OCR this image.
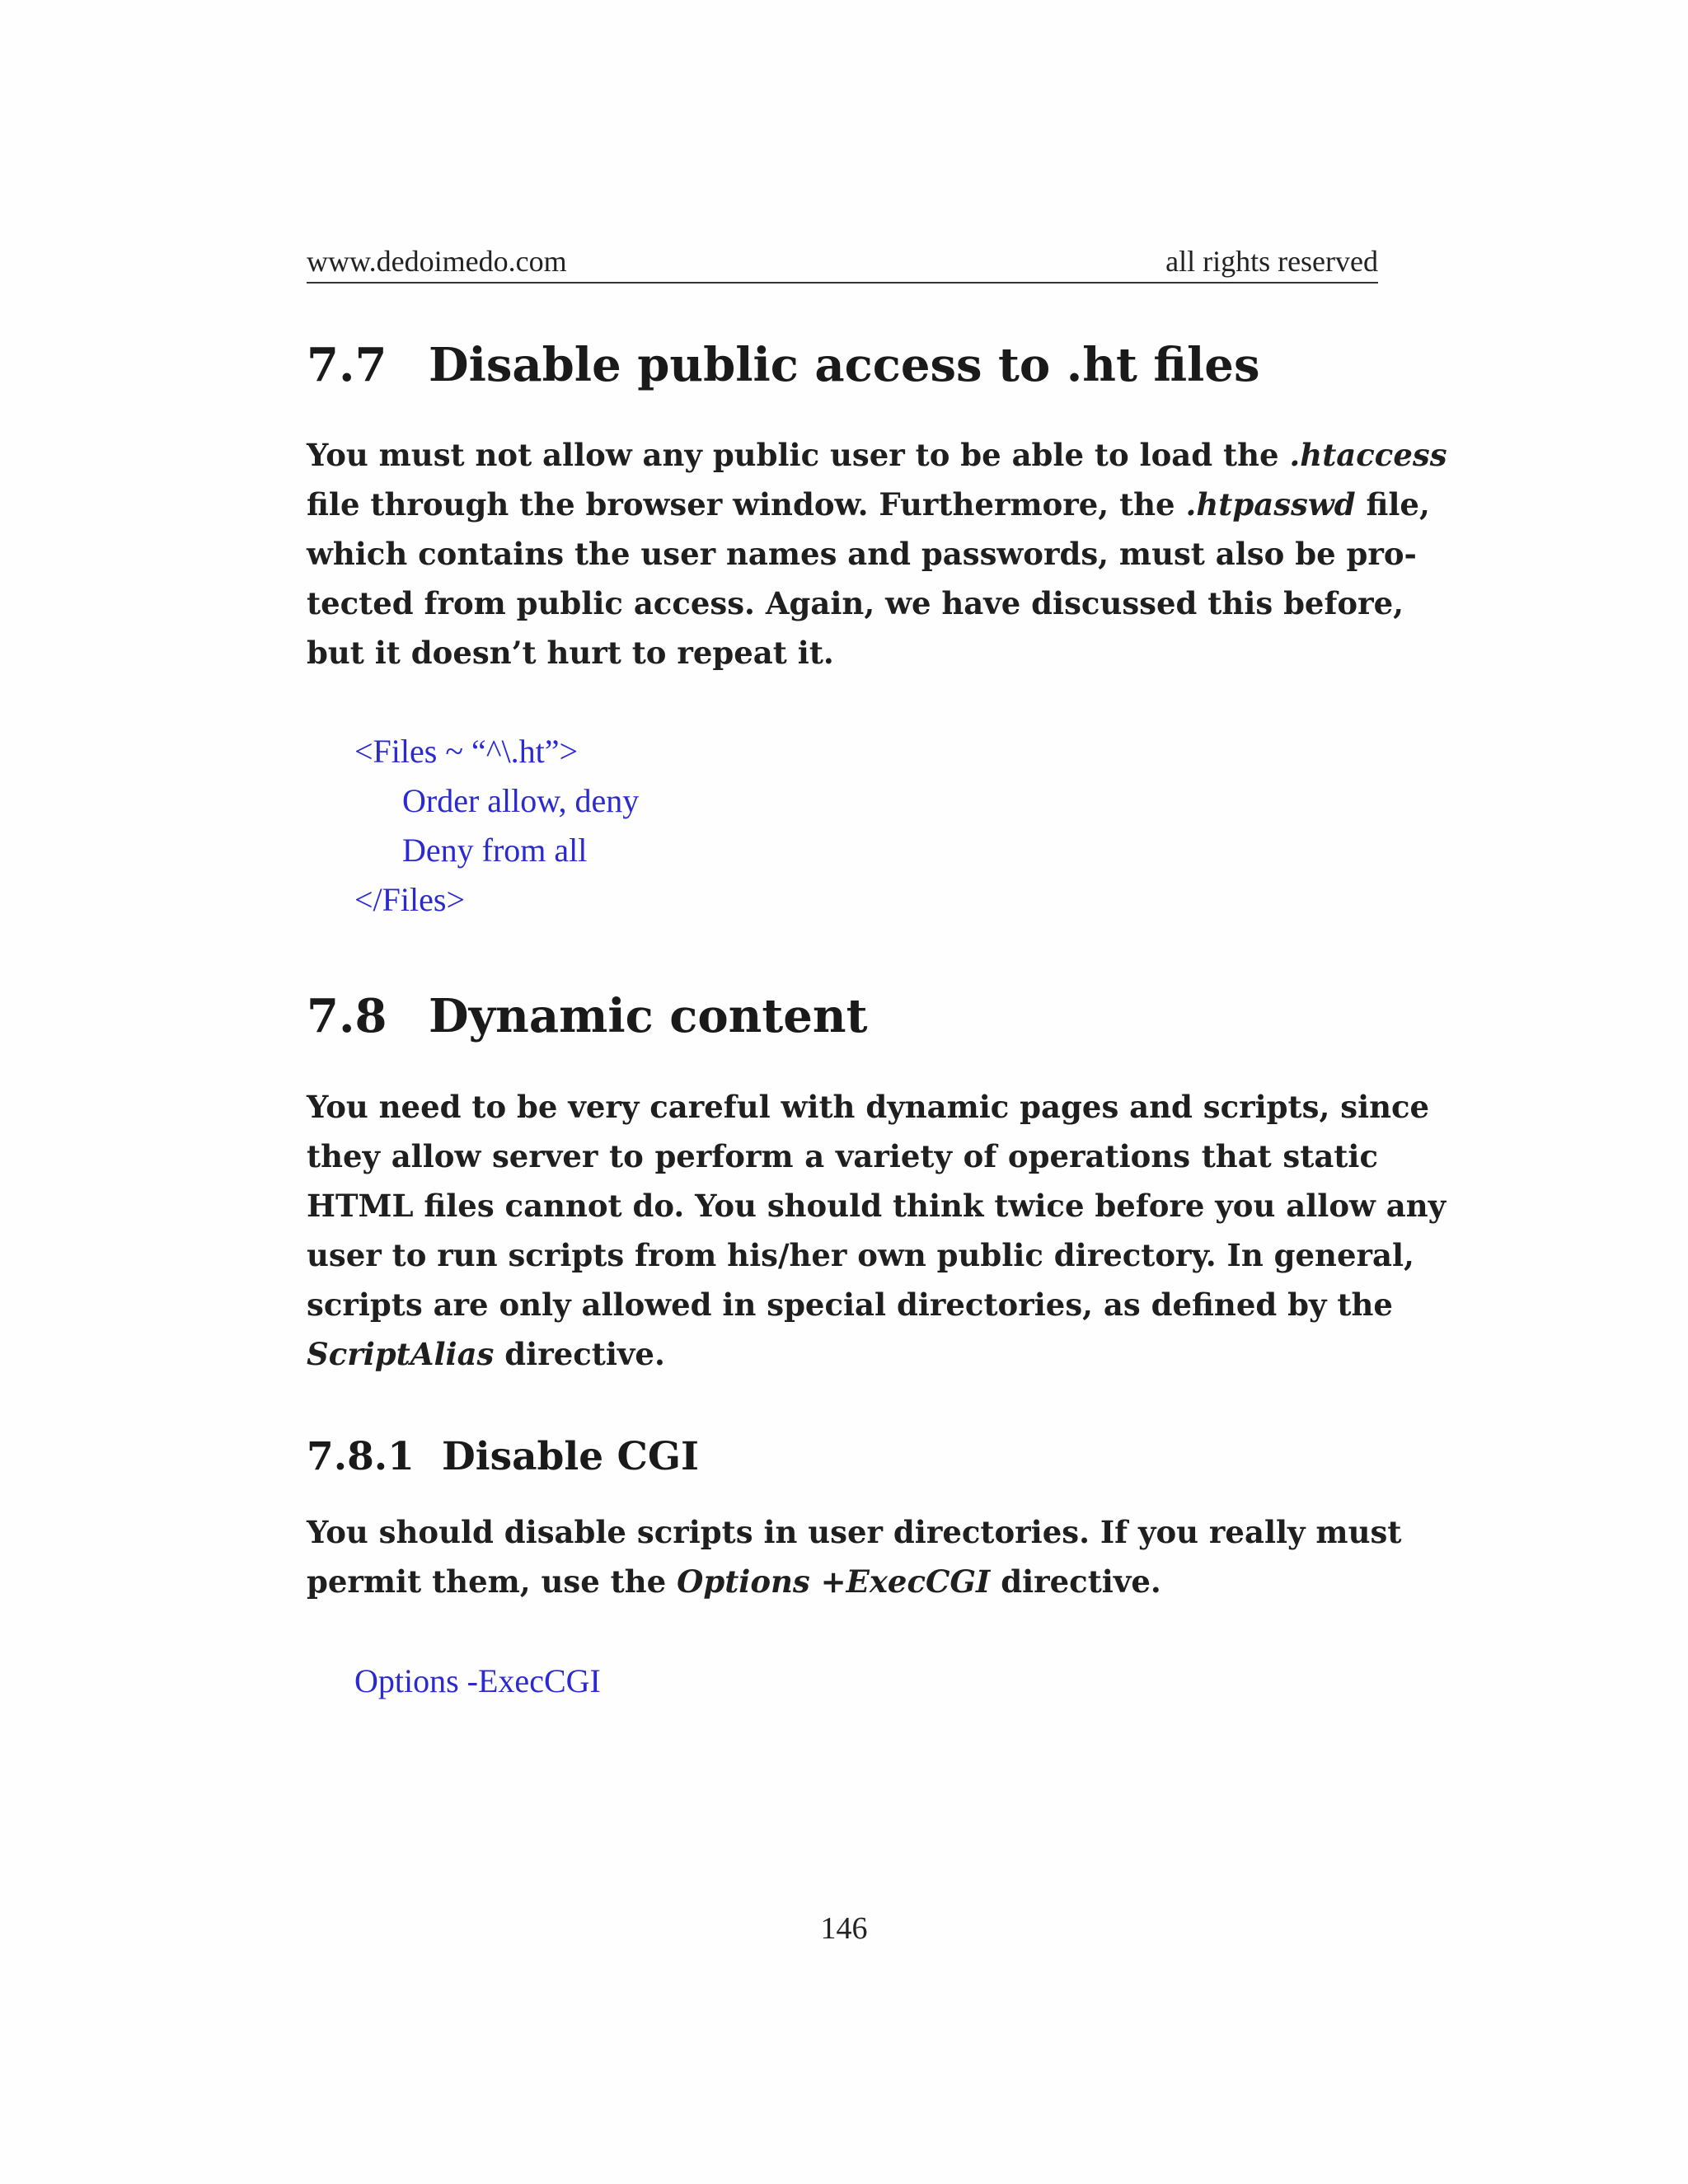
www.dedoimedo.com	all rights reserved
7.7 Disable public access to .ht files
You must not allow any public user to be able to load the .htaccess
file through the browser window. Furthermore, the .htpasswd file,
which contains the user names and passwords, must also be pro-
tected from public access. Again, we have discussed this before,
but it doesn’t hurt to repeat it.
<Files ~ “^\.ht”>
Order allow, deny
Deny from all
</Files>
7.8 Dynamic content
You need to be very careful with dynamic pages and scripts, since
they allow server to perform a variety of operations that static
HTML files cannot do. You should think twice before you allow any
user to run scripts from his/her own public directory. In general,
scripts are only allowed in special directories, as defined by the
ScriptAlias directive.
7.8.1 Disable CGI
You should disable scripts in user directories. If you really must
permit them, use the Options +ExecCGI directive.
Options -ExecCGI
146
